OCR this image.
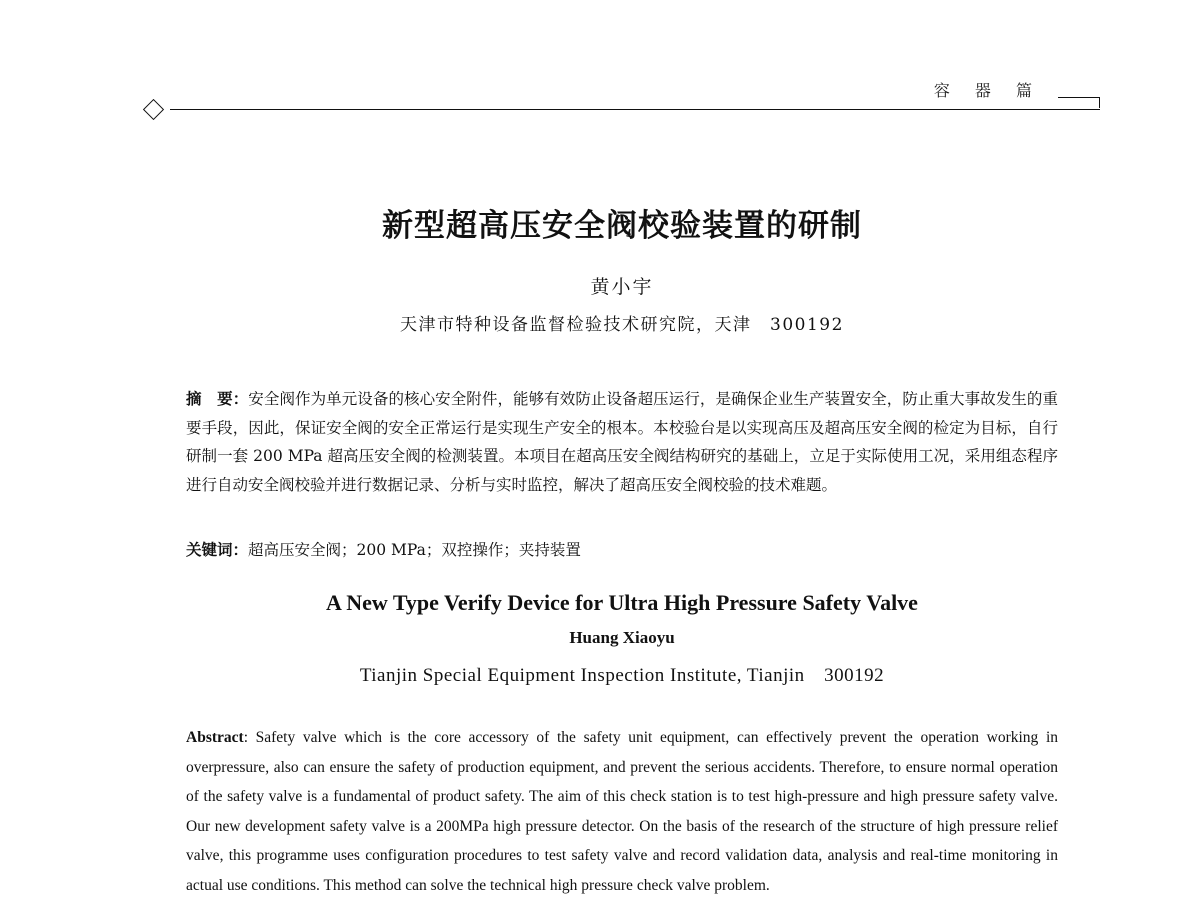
容 器 篇
新型超高压安全阀校验装置的研制
黄小宇
天津市特种设备监督检验技术研究院，天津　300192
摘　要：安全阀作为单元设备的核心安全附件，能够有效防止设备超压运行，是确保企业生产装置安全，防止重大事故发生的重要手段，因此，保证安全阀的安全正常运行是实现生产安全的根本。本校验台是以实现高压及超高压安全阀的检定为目标，自行研制一套 200 MPa 超高压安全阀的检测装置。本项目在超高压安全阀结构研究的基础上，立足于实际使用工况，采用组态程序进行自动安全阀校验并进行数据记录、分析与实时监控，解决了超高压安全阀校验的技术难题。
关键词：超高压安全阀；200 MPa；双控操作；夹持装置
A New Type Verify Device for Ultra High Pressure Safety Valve
Huang Xiaoyu
Tianjin Special Equipment Inspection Institute, Tianjin　300192
Abstract: Safety valve which is the core accessory of the safety unit equipment, can effectively prevent the operation working in overpressure, also can ensure the safety of production equipment, and prevent the serious accidents. Therefore, to ensure normal operation of the safety valve is a fundamental of product safety. The aim of this check station is to test high-pressure and high pressure safety valve. Our new development safety valve is a 200MPa high pressure detector. On the basis of the research of the structure of high pressure relief valve, this programme uses configuration procedures to test safety valve and record validation data, analysis and real-time monitoring in actual use conditions. This method can solve the technical high pressure check valve problem.
